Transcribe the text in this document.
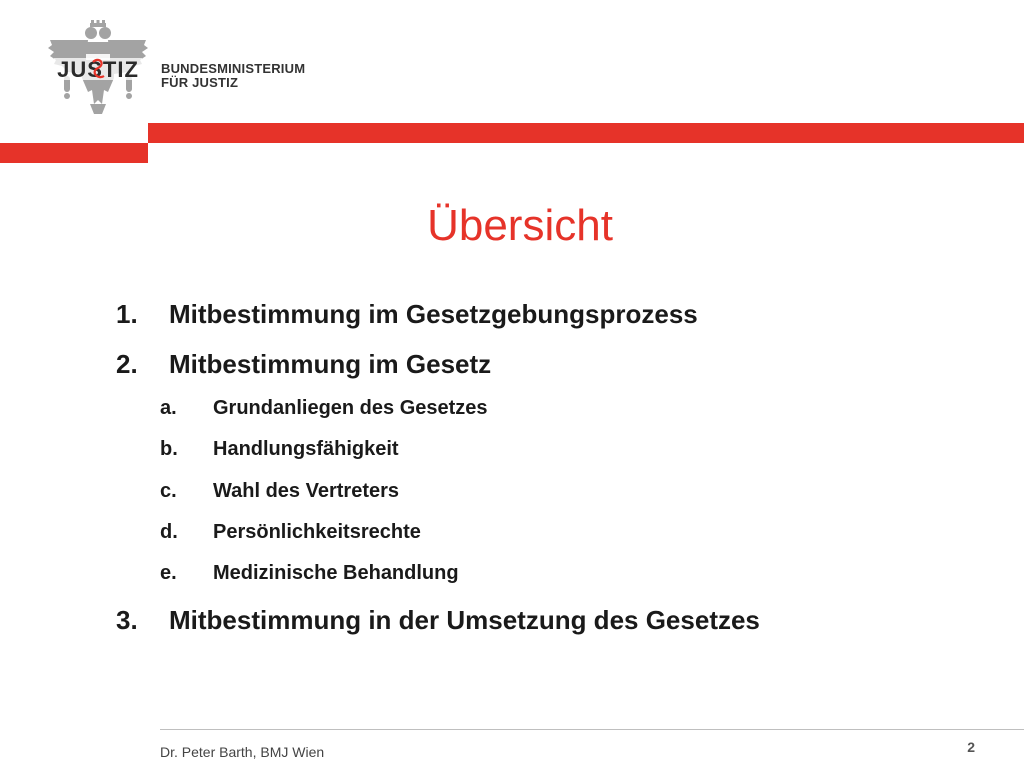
JUSTIZ BUNDESMINISTERIUM
FÜR JUSTIZ
Übersicht
1. Mitbestimmung im Gesetzgebungsprozess
2. Mitbestimmung im Gesetz
a. Grundanliegen des Gesetzes
b. Handlungsfähigkeit
c. Wahl des Vertreters
d. Persönlichkeitsrechte
e. Medizinische Behandlung
3. Mitbestimmung in der Umsetzung des Gesetzes
Dr. Peter Barth, BMJ Wien	2
